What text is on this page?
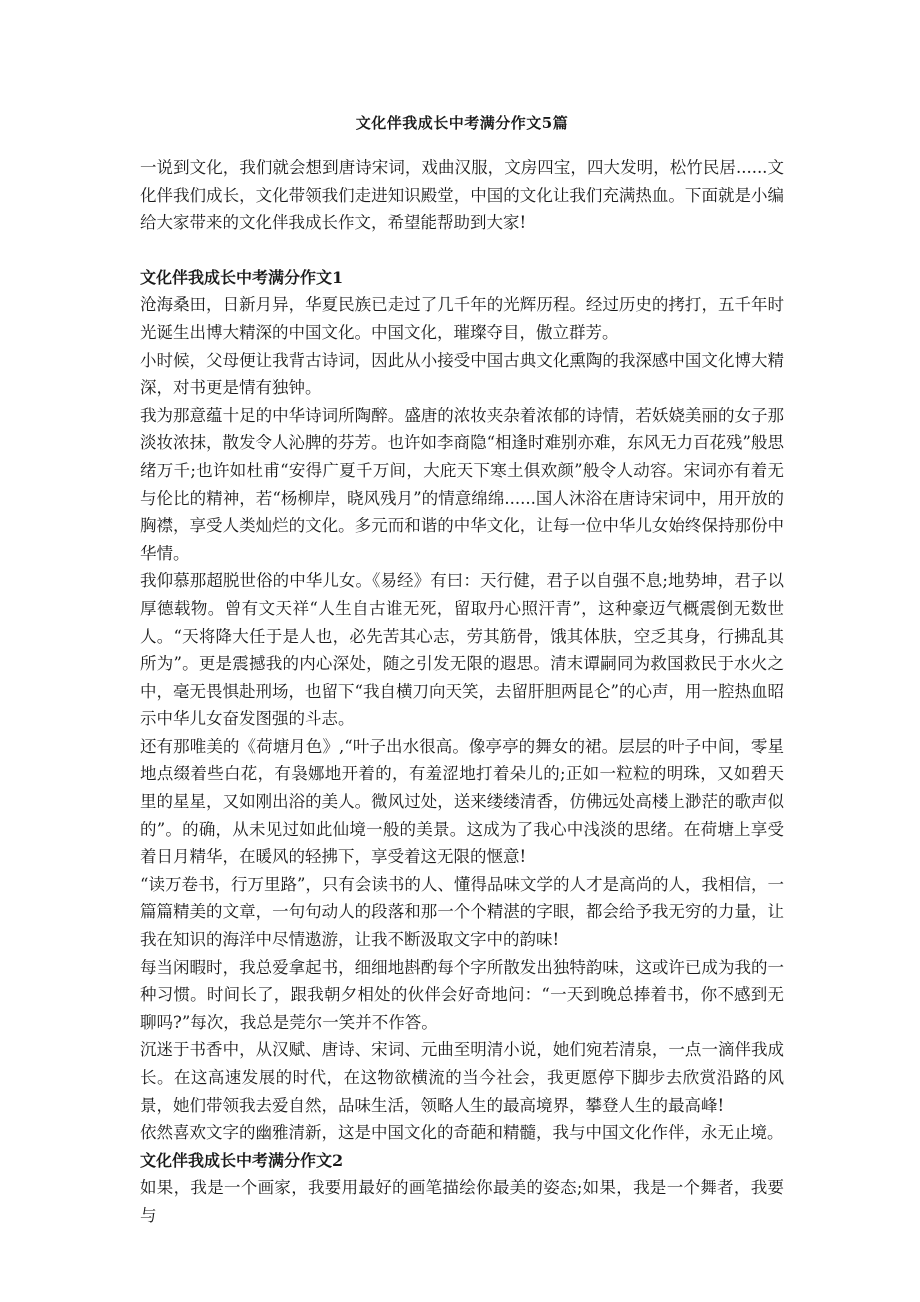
文化伴我成长中考满分作文5篇

一说到文化，我们就会想到唐诗宋词，戏曲汉服，文房四宝，四大发明，松竹民居......文化伴我们成长，文化带领我们走进知识殿堂，中国的文化让我们充满热血。下面就是小编给大家带来的文化伴我成长作文，希望能帮助到大家!

文化伴我成长中考满分作文1

沧海桑田，日新月异，华夏民族已走过了几千年的光辉历程。经过历史的拷打，五千年时光诞生出博大精深的中国文化。中国文化，璀璨夺目，傲立群芳。

小时候，父母便让我背古诗词，因此从小接受中国古典文化熏陶的我深感中国文化博大精深，对书更是情有独钟。

我为那意蕴十足的中华诗词所陶醉。盛唐的浓妆夹杂着浓郁的诗情，若妖娆美丽的女子那淡妆浓抹，散发令人沁脾的芬芳。也许如李商隐“相逢时难别亦难，东风无力百花残”般思绪万千;也许如杜甫“安得广夏千万间，大庇天下寒土俱欢颜”般令人动容。宋词亦有着无与伦比的精神，若“杨柳岸，晓风残月”的情意绵绵......国人沐浴在唐诗宋词中，用开放的胸襟，享受人类灿烂的文化。多元而和谐的中华文化，让每一位中华儿女始终保持那份中华情。

我仰慕那超脱世俗的中华儿女。《易经》有曰：天行健，君子以自强不息;地势坤，君子以厚德载物。曾有文天祥“人生自古谁无死，留取丹心照汗青”，这种豪迈气概震倒无数世人。“天将降大任于是人也，必先苦其心志，劳其筋骨，饿其体肤，空乏其身，行拂乱其所为”。更是震撼我的内心深处，随之引发无限的遐思。清末谭嗣同为救国救民于水火之中，毫无畏惧赴刑场，也留下“我自横刀向天笑，去留肝胆两昆仑”的心声，用一腔热血昭示中华儿女奋发图强的斗志。

还有那唯美的《荷塘月色》,“叶子出水很高。像亭亭的舞女的裙。层层的叶子中间，零星地点缀着些白花，有袅娜地开着的，有羞涩地打着朵儿的;正如一粒粒的明珠，又如碧天里的星星，又如刚出浴的美人。微风过处，送来缕缕清香，仿佛远处高楼上渺茫的歌声似的”。的确，从未见过如此仙境一般的美景。这成为了我心中浅淡的思绪。在荷塘上享受着日月精华，在暖风的轻拂下，享受着这无限的惬意!

“读万卷书，行万里路”，只有会读书的人、懂得品味文学的人才是高尚的人，我相信，一篇篇精美的文章，一句句动人的段落和那一个个精湛的字眼，都会给予我无穷的力量，让我在知识的海洋中尽情遨游，让我不断汲取文字中的韵味!

每当闲暇时，我总爱拿起书，细细地斟酌每个字所散发出独特韵味，这或许已成为我的一种习惯。时间长了，跟我朝夕相处的伙伴会好奇地问：“一天到晚总捧着书，你不感到无聊吗?”每次，我总是莞尔一笑并不作答。

沉迷于书香中，从汉赋、唐诗、宋词、元曲至明清小说，她们宛若清泉，一点一滴伴我成长。在这高速发展的时代，在这物欲横流的当今社会，我更愿停下脚步去欣赏沿路的风景，她们带领我去爱自然，品味生活，领略人生的最高境界，攀登人生的最高峰!

依然喜欢文字的幽雅清新，这是中国文化的奇葩和精髓，我与中国文化作伴，永无止境。

文化伴我成长中考满分作文2

如果，我是一个画家，我要用最好的画笔描绘你最美的姿态;如果，我是一个舞者，我要与
